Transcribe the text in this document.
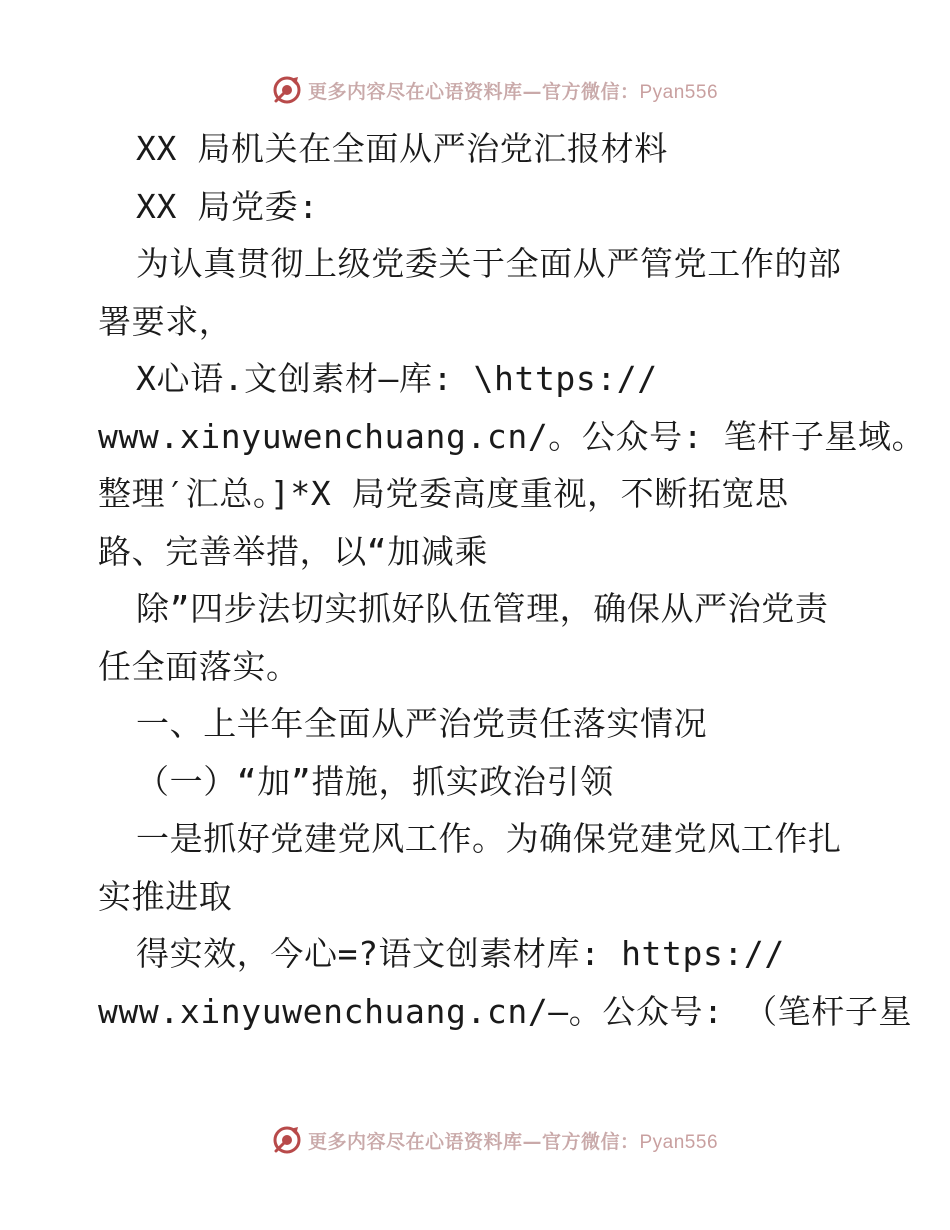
更多内容尽在心语资料库—官方微信：Pyan556
XX 局机关在全面从严治党汇报材料
XX 局党委:
为认真贯彻上级党委关于全面从严管党工作的部
署要求，
X心语.文创素材—库: \https://
www.xinyuwenchuang.cn/。公众号: 笔杆子星域。
整理′汇总。]*X 局党委高度重视，不断拓宽思
路、完善举措，以“加减乘
除”四步法切实抓好队伍管理，确保从严治党责
任全面落实。
一、上半年全面从严治党责任落实情况
（一）“加”措施，抓实政治引领
一是抓好党建党风工作。为确保党建党风工作扎
实推进取
得实效，今心=?语文创素材库: https://
www.xinyuwenchuang.cn/—。公众号: （笔杆子星
更多内容尽在心语资料库—官方微信：Pyan556
